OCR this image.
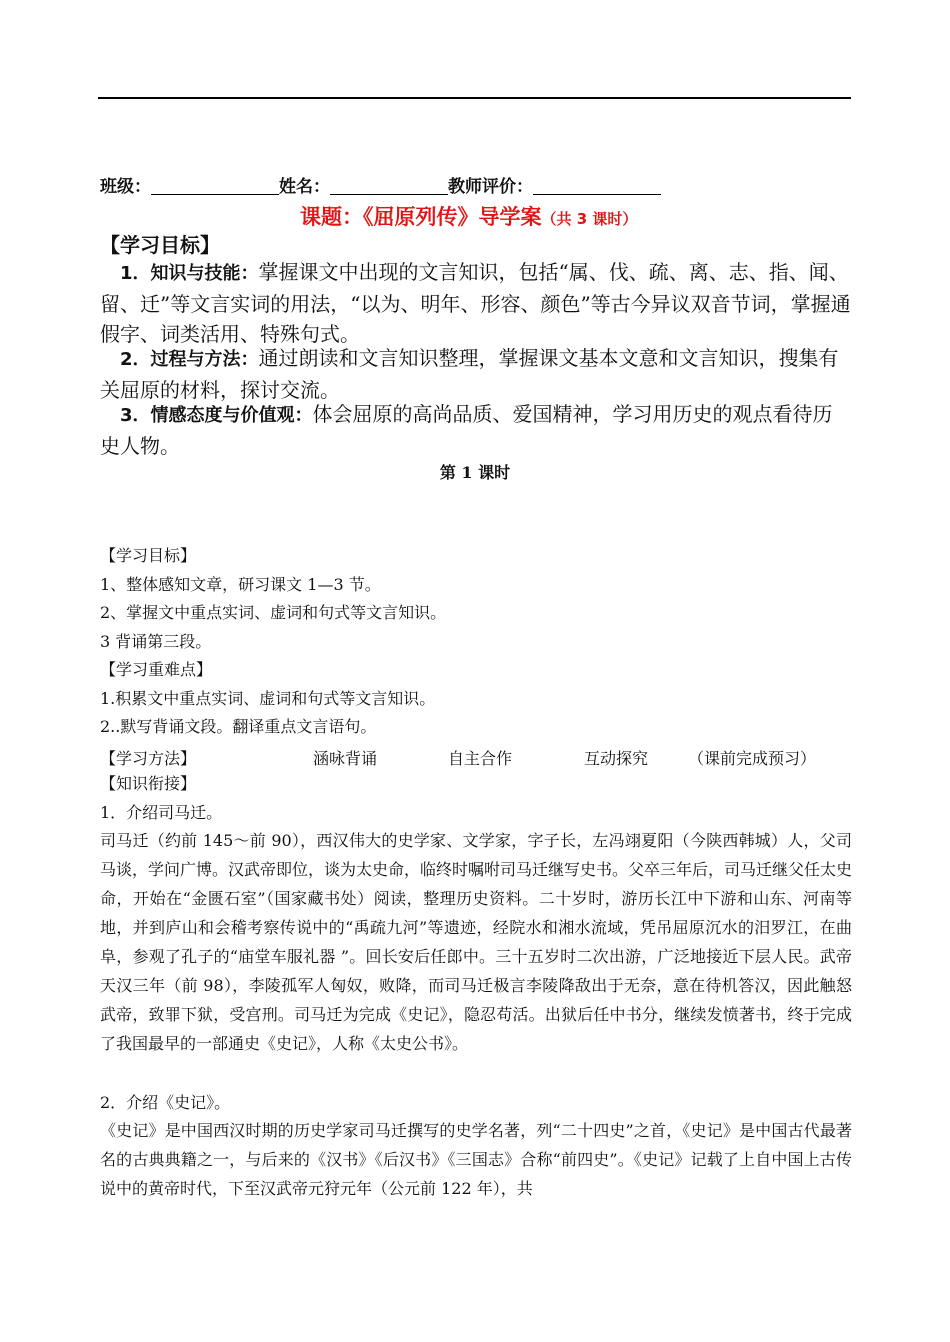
班级：	姓名：	教师评价：
课题：《屈原列传》导学案（共 3 课时）
【学习目标】
1．知识与技能：掌握课文中出现的文言知识，包括“属、伐、疏、离、志、指、闻、留、迁”等文言实词的用法，“以为、明年、形容、颜色”等古今异议双音节词，掌握通假字、词类活用、特殊句式。
2．过程与方法：通过朗读和文言知识整理，掌握课文基本文意和文言知识，搜集有关屈原的材料，探讨交流。
3．情感态度与价值观：体会屈原的高尚品质、爱国精神，学习用历史的观点看待历史人物。
第 1 课时
【学习目标】
1、整体感知文章，研习课文 1—3 节。
2、掌握文中重点实词、虚词和句式等文言知识。
3 背诵第三段。
【学习重难点】
1.积累文中重点实词、虚词和句式等文言知识。
2..默写背诵文段。翻译重点文言语句。
【学习方法】	涵咏背诵	自主合作	互动探究 （课前完成预习）
【知识衔接】
1．介绍司马迁。
司马迁（约前 145～前 90），西汉伟大的史学家、文学家，字子长，左冯翊夏阳（今陕西韩城）人，父司马谈，学问广博。汉武帝即位，谈为太史命，临终时嘱咐司马迁继写史书。父卒三年后，司马迁继父任太史命，开始在“金匮石室”（国家藏书处）阅读，整理历史资料。二十岁时，游历长江中下游和山东、河南等地，并到庐山和会稽考察传说中的“禹疏九河”等遗迹，经院水和湘水流域，凭吊屈原沉水的汨罗江，在曲阜，参观了孔子的“庙堂车服礼器 ”。回长安后任郎中。三十五岁时二次出游，广泛地接近下层人民。武帝天汉三年（前 98），李陵孤军人匈奴，败降，而司马迁极言李陵降敌出于无奈，意在待机答汉，因此触怒武帝，致罪下狱，受宫刑。司马迁为完成《史记》，隐忍苟活。出狱后任中书分，继续发愤著书，终于完成了我国最早的一部通史《史记》，人称《太史公书》。
2．介绍《史记》。
《史记》是中国西汉时期的历史学家司马迁撰写的史学名著，列“二十四史”之首，《史记》是中国古代最著名的古典典籍之一，与后来的《汉书》《后汉书》《三国志》合称“前四史”。《史记》记载了上自中国上古传说中的黄帝时代，下至汉武帝元狩元年（公元前 122 年），共
